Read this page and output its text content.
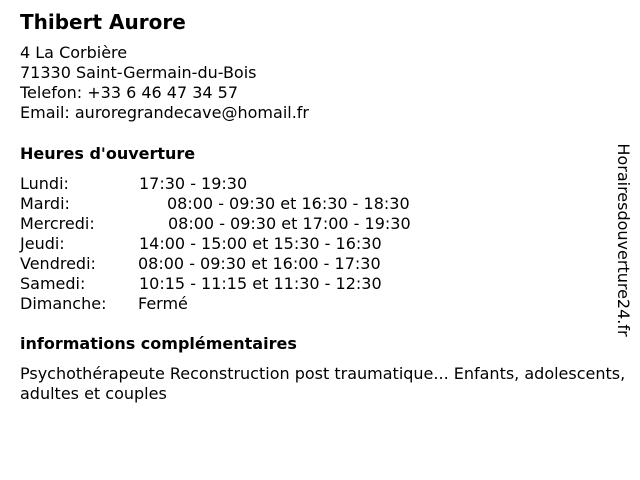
Thibert Aurore
4 La Corbière
71330 Saint-Germain-du-Bois
Telefon: +33 6 46 47 34 57
Email: auroregrandecave@homail.fr
Heures d'ouverture
Lundi:	17:30 - 19:30
Mardi:	08:00 - 09:30 et 16:30 - 18:30
Mercredi:	08:00 - 09:30 et 17:00 - 19:30
Jeudi:	14:00 - 15:00 et 15:30 - 16:30
Vendredi:	08:00 - 09:30 et 16:00 - 17:30
Samedi:	10:15 - 11:15 et 11:30 - 12:30
Dimanche: Fermé
informations complémentaires
Psychothérapeute Reconstruction post traumatique... Enfants, adolescents, adultes et couples
Horairesdouverture24.fr
